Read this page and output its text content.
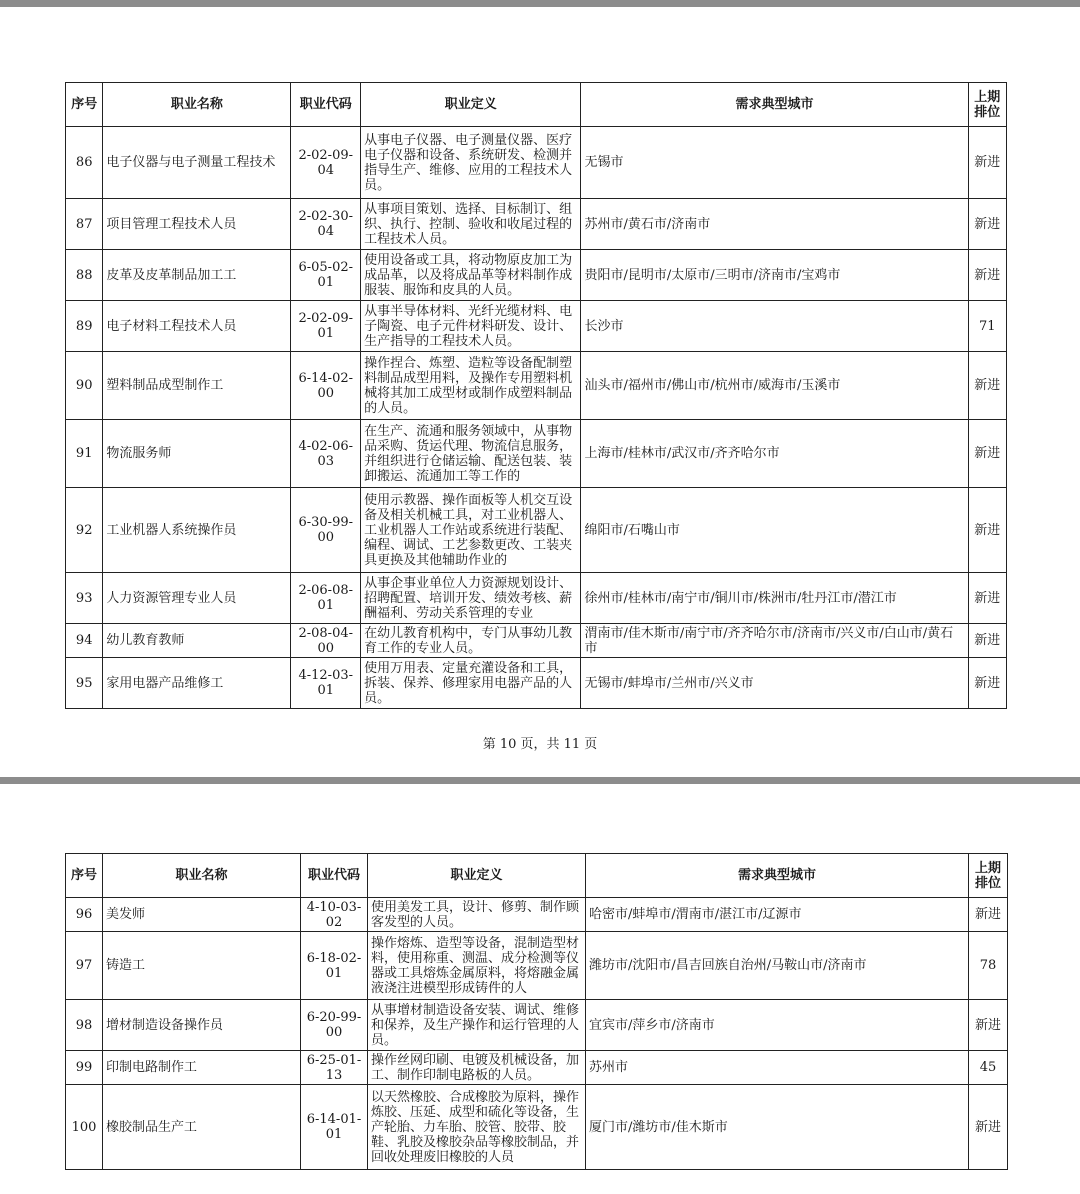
序号	职业名称	职业代码	职业定义	需求典型城市	上期排位
86	电子仪器与电子测量工程技术	2-02-09-04	从事电子仪器、电子测量仪器、医疗电子仪器和设备、系统研发、检测并指导生产、维修、应用的工程技术人员。	无锡市	新进
87	项目管理工程技术人员	2-02-30-04	从事项目策划、选择、目标制订、组织、执行、控制、验收和收尾过程的工程技术人员。	苏州市/黄石市/济南市	新进
88	皮革及皮革制品加工工	6-05-02-01	使用设备或工具，将动物原皮加工为成品革，以及将成品革等材料制作成服装、服饰和皮具的人员。	贵阳市/昆明市/太原市/三明市/济南市/宝鸡市	新进
89	电子材料工程技术人员	2-02-09-01	从事半导体材料、光纤光缆材料、电子陶瓷、电子元件材料研发、设计、生产指导的工程技术人员。	长沙市	71
90	塑料制品成型制作工	6-14-02-00	操作捏合、炼塑、造粒等设备配制塑料制品成型用料，及操作专用塑料机械将其加工成型材或制作成塑料制品的人员。	汕头市/福州市/佛山市/杭州市/威海市/玉溪市	新进
91	物流服务师	4-02-06-03	在生产、流通和服务领域中，从事物品采购、货运代理、物流信息服务，并组织进行仓储运输、配送包装、装卸搬运、流通加工等工作的	上海市/桂林市/武汉市/齐齐哈尔市	新进
92	工业机器人系统操作员	6-30-99-00	使用示教器、操作面板等人机交互设备及相关机械工具，对工业机器人、工业机器人工作站或系统进行装配、编程、调试、工艺参数更改、工装夹具更换及其他辅助作业的	绵阳市/石嘴山市	新进
93	人力资源管理专业人员	2-06-08-01	从事企事业单位人力资源规划设计、招聘配置、培训开发、绩效考核、薪酬福利、劳动关系管理的专业	徐州市/桂林市/南宁市/铜川市/株洲市/牡丹江市/潜江市	新进
94	幼儿教育教师	2-08-04-00	在幼儿教育机构中，专门从事幼儿教育工作的专业人员。	渭南市/佳木斯市/南宁市/齐齐哈尔市/济南市/兴义市/白山市/黄石市	新进
95	家用电器产品维修工	4-12-03-01	使用万用表、定量充灌设备和工具，拆装、保养、修理家用电器产品的人员。	无锡市/蚌埠市/兰州市/兴义市	新进
第 10 页，共 11 页
序号	职业名称	职业代码	职业定义	需求典型城市	上期排位
96	美发师	4-10-03-02	使用美发工具，设计、修剪、制作顾客发型的人员。	哈密市/蚌埠市/渭南市/湛江市/辽源市	新进
97	铸造工	6-18-02-01	操作熔炼、造型等设备，混制造型材料，使用称重、测温、成分检测等仪器或工具熔炼金属原料，将熔融金属液浇注进模型形成铸件的人	潍坊市/沈阳市/昌吉回族自治州/马鞍山市/济南市	78
98	增材制造设备操作员	6-20-99-00	从事增材制造设备安装、调试、维修和保养，及生产操作和运行管理的人员。	宜宾市/萍乡市/济南市	新进
99	印制电路制作工	6-25-01-13	操作丝网印刷、电镀及机械设备，加工、制作印制电路板的人员。	苏州市	45
100	橡胶制品生产工	6-14-01-01	以天然橡胶、合成橡胶为原料，操作炼胶、压延、成型和硫化等设备，生产轮胎、力车胎、胶管、胶带、胶鞋、乳胶及橡胶杂品等橡胶制品，并回收处理废旧橡胶的人员	厦门市/潍坊市/佳木斯市	新进
